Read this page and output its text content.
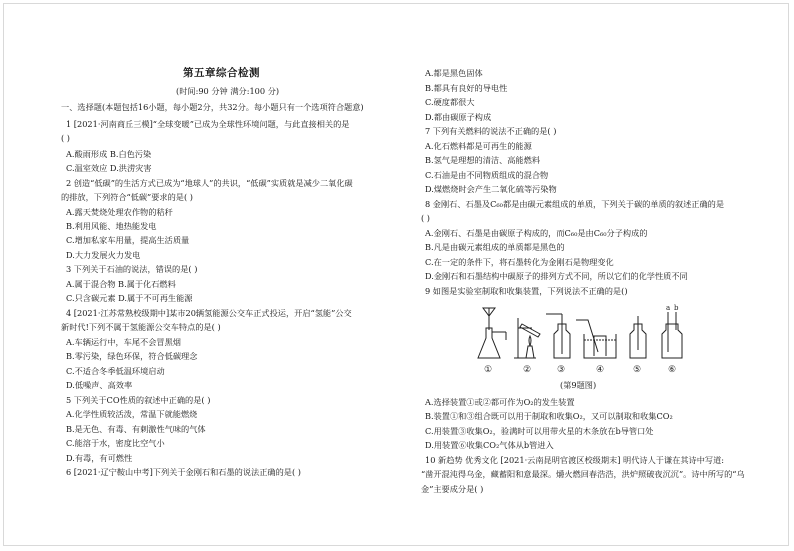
第五章综合检测
(时间:90 分钟 满分:100 分)
一、选择题(本题包括16小题，每小题2分，共32分。每小题只有一个选项符合题意)
1 [2021·河南商丘三模]“全球变暖”已成为全球性环境问题，与此直接相关的是
( )
A.酸雨形成 B.白色污染
C.温室效应 D.洪涝灾害
2 创造“低碳”的生活方式已成为“地球人”的共识，“低碳”实质就是减少二氧化碳
的排放，下列符合“低碳”要求的是( )
A.露天焚烧处理农作物的秸秆
B.利用风能、地热能发电
C.增加私家车用量，提高生活质量
D.大力发展火力发电
3 下列关于石油的说法，错误的是( )
A.属于混合物 B.属于化石燃料
C.只含碳元素 D.属于不可再生能源
4 [2021·江苏常熟校级期中]某市20辆氢能源公交车正式投运，开启“氢能”公交
新时代!下列不属于氢能源公交车特点的是( )
A.车辆运行中，车尾不会冒黑烟
B.零污染，绿色环保，符合低碳理念
C.不适合冬季低温环境启动
D.低噪声、高效率
5 下列关于CO性质的叙述中正确的是( )
A.化学性质较活泼，常温下就能燃烧
B.是无色、有毒、有刺激性气味的气体
C.能溶于水，密度比空气小
D.有毒，有可燃性
6 [2021·辽宁鞍山中考]下列关于金刚石和石墨的说法正确的是( )
A.都是黑色固体
B.都具有良好的导电性
C.硬度都很大
D.都由碳原子构成
7 下列有关燃料的说法不正确的是( )
A.化石燃料都是可再生的能源
B.氢气是理想的清洁、高能燃料
C.石油是由不同物质组成的混合物
D.煤燃烧时会产生二氧化硫等污染物
8 金刚石、石墨及C₆₀都是由碳元素组成的单质，下列关于碳的单质的叙述正确的是
( )
A.金刚石、石墨是由碳原子构成的，而C₆₀是由C₆₀分子构成的
B.凡是由碳元素组成的单质都是黑色的
C.在一定的条件下，将石墨转化为金刚石是物理变化
D.金刚石和石墨结构中碳原子的排列方式不同，所以它们的化学性质不同
9 如图是实验室制取和收集装置，下列说法不正确的是()
a b
①	②	③	④	⑤	⑥
(第9题图)
A.选择装置①或②都可作为O₂的发生装置
B.装置①和③组合既可以用于制取和收集O₂，又可以制取和收集CO₂
C.用装置③收集O₂，验满时可以用带火星的木条放在b导管口处
D.用装置⑥收集CO₂气体从b管进入
10 新趋势 优秀文化 [2021·云南昆明官渡区校级期末] 明代诗人于谦在其诗中写道:
“凿开混沌得乌金，藏蓄阳和意最深。爝火燃回春浩浩，洪炉照破夜沉沉”。诗中所写的“乌
金”主要成分是( )
